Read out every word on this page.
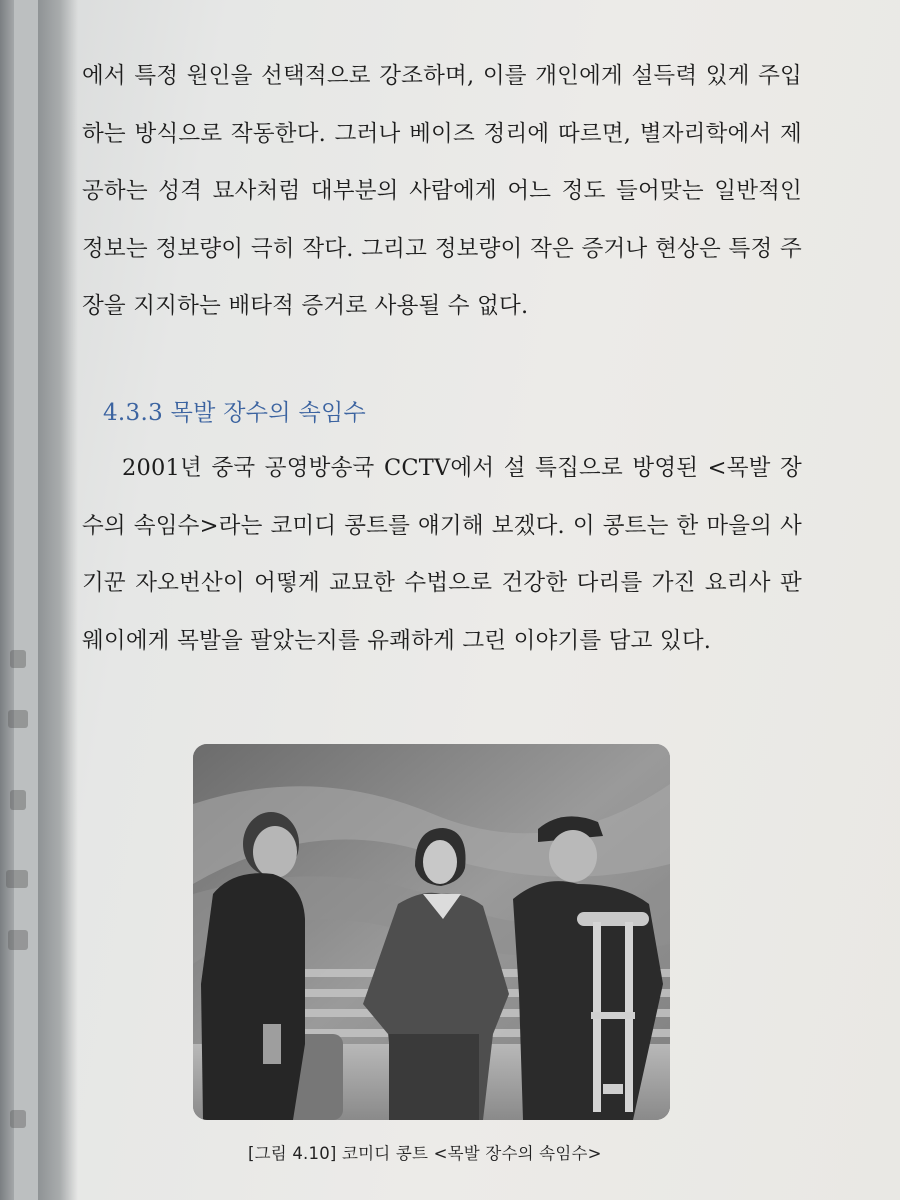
에서 특정 원인을 선택적으로 강조하며, 이를 개인에게 설득력 있게 주입하는 방식으로 작동한다. 그러나 베이즈 정리에 따르면, 별자리학에서 제공하는 성격 묘사처럼 대부분의 사람에게 어느 정도 들어맞는 일반적인 정보는 정보량이 극히 작다. 그리고 정보량이 작은 증거나 현상은 특정 주장을 지지하는 배타적 증거로 사용될 수 없다.

4.3.3 목발 장수의 속임수

2001년 중국 공영방송국 CCTV에서 설 특집으로 방영된 <목발 장수의 속임수>라는 코미디 콩트를 얘기해 보겠다. 이 콩트는 한 마을의 사기꾼 자오번산이 어떻게 교묘한 수법으로 건강한 다리를 가진 요리사 판웨이에게 목발을 팔았는지를 유쾌하게 그린 이야기를 담고 있다.

[그림 4.10] 코미디 콩트 <목발 장수의 속임수>
